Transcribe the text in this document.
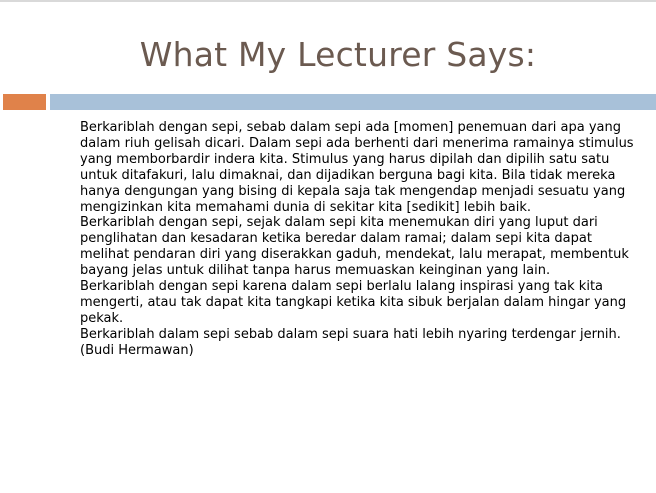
What My Lecturer Says:

Berkariblah dengan sepi, sebab dalam sepi ada [momen] penemuan dari apa yang dalam riuh gelisah dicari. Dalam sepi ada berhenti dari menerima ramainya stimulus yang memborbardir indera kita. Stimulus yang harus dipilah dan dipilih satu satu untuk ditafakuri, lalu dimaknai, dan dijadikan berguna bagi kita. Bila tidak mereka hanya dengungan yang bising di kepala saja tak mengendap menjadi sesuatu yang mengizinkan kita memahami dunia di sekitar kita [sedikit] lebih baik.

Berkariblah dengan sepi, sejak dalam sepi kita menemukan diri yang luput dari penglihatan dan kesadaran ketika beredar dalam ramai; dalam sepi kita dapat melihat pendaran diri yang diserakkan gaduh, mendekat, lalu merapat, membentuk bayang jelas untuk dilihat tanpa harus memuaskan keinginan yang lain.

Berkariblah dengan sepi karena dalam sepi berlalu lalang inspirasi yang tak kita mengerti, atau tak dapat kita tangkapi ketika kita sibuk berjalan dalam hingar yang pekak.

Berkariblah dalam sepi sebab dalam sepi suara hati lebih nyaring terdengar jernih. (Budi Hermawan)
